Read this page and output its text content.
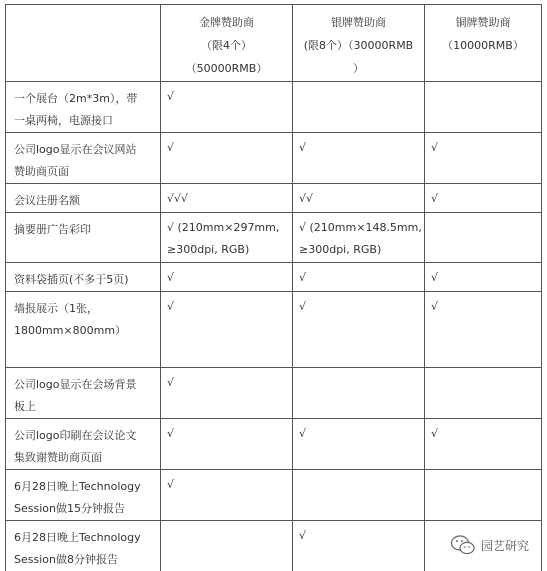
	金牌赞助商
（限4个）
（50000RMB）	银牌赞助商
(限8个）（30000RMB
）	铜牌赞助商
（10000RMB）

一个展台（2m*3m），带
一桌两椅，电源接口	√		

公司logo显示在会议网站
赞助商页面	√	√	√

会议注册名额	√√√	√√	√

摘要册广告彩印	√ (210mm×297mm,
≥300dpi, RGB)	√ (210mm×148.5mm,
≥300dpi, RGB)	

资料袋插页(不多于5页)	√	√	√

墙报展示（1张，
1800mm×800mm）	√	√	√

公司logo显示在会场背景
板上	√		

公司logo印刷在会议论文
集致谢赞助商页面	√	√	√

6月28日晚上Technology
Session做15分钟报告	√		

6月28日晚上Technology
Session做8分钟报告		√	

园艺研究
